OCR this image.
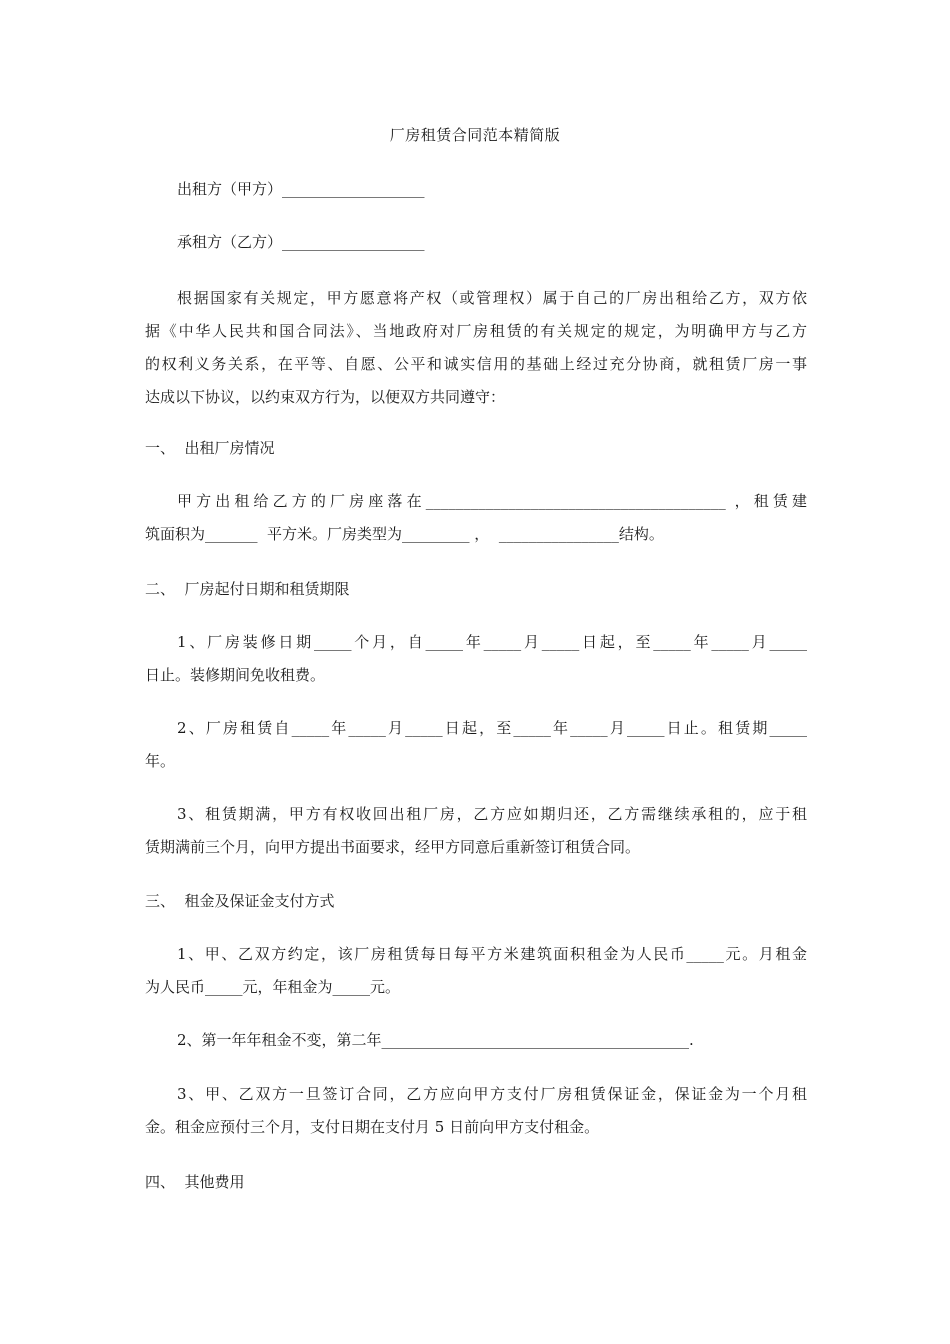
厂房租赁合同范本精简版
出租方（甲方）___________________
承租方（乙方）___________________
根据国家有关规定，甲方愿意将产权（或管理权）属于自己的厂房出租给乙方，双方依
据《中华人民共和国合同法》、当地政府对厂房租赁的有关规定的规定，为明确甲方与乙方
的权利义务关系，在平等、自愿、公平和诚实信用的基础上经过充分协商，就租赁厂房一事
达成以下协议，以约束双方行为，以便双方共同遵守：
一、  出租厂房情况
甲方出租给乙方的厂房座落在________________________________________ ，租赁建
筑面积为_______  平方米。厂房类型为_________ ，  ________________结构。
二、  厂房起付日期和租赁期限
1、厂房装修日期_____个月，自_____年_____月_____日起，至_____年_____月_____
日止。装修期间免收租费。
2、厂房租赁自_____年_____月_____日起，至_____年_____月_____日止。租赁期_____
年。
3、租赁期满，甲方有权收回出租厂房，乙方应如期归还，乙方需继续承租的，应于租
赁期满前三个月，向甲方提出书面要求，经甲方同意后重新签订租赁合同。
三、  租金及保证金支付方式
1、甲、乙双方约定，该厂房租赁每日每平方米建筑面积租金为人民币_____元。月租金
为人民币_____元，年租金为_____元。
2、第一年年租金不变，第二年_________________________________________.
3、甲、乙双方一旦签订合同，乙方应向甲方支付厂房租赁保证金，保证金为一个月租
金。租金应预付三个月，支付日期在支付月 5 日前向甲方支付租金。
四、  其他费用
